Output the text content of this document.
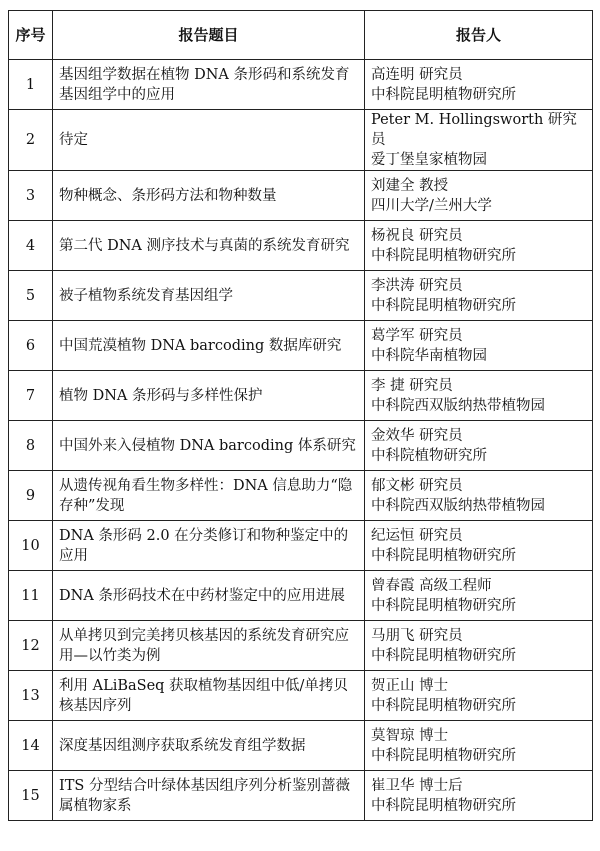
序号	报告题目	报告人
1	基因组学数据在植物 DNA 条形码和系统发育基因组学中的应用	高连明 研究员
中科院昆明植物研究所

2	待定	Peter M. Hollingsworth 研究员
爱丁堡皇家植物园

3	物种概念、条形码方法和物种数量	刘建全 教授
四川大学/兰州大学

4	第二代 DNA 测序技术与真菌的系统发育研究	杨祝良 研究员
中科院昆明植物研究所

5	被子植物系统发育基因组学	李洪涛 研究员
中科院昆明植物研究所

6	中国荒漠植物 DNA barcoding 数据库研究	葛学军 研究员
中科院华南植物园

7	植物 DNA 条形码与多样性保护	李 捷 研究员
中科院西双版纳热带植物园

8	中国外来入侵植物 DNA barcoding 体系研究	金效华 研究员
中科院植物研究所

9	从遗传视角看生物多样性：DNA 信息助力“隐存种”发现	郁文彬 研究员
中科院西双版纳热带植物园

10	DNA 条形码 2.0 在分类修订和物种鉴定中的应用	纪运恒 研究员
中科院昆明植物研究所

11	DNA 条形码技术在中药材鉴定中的应用进展	曾春霞 高级工程师
中科院昆明植物研究所

12	从单拷贝到完美拷贝核基因的系统发育研究应用—以竹类为例	马朋飞 研究员
中科院昆明植物研究所

13	利用 ALiBaSeq 获取植物基因组中低/单拷贝核基因序列	贺正山 博士
中科院昆明植物研究所

14	深度基因组测序获取系统发育组学数据	莫智琼 博士
中科院昆明植物研究所

15	ITS 分型结合叶绿体基因组序列分析鉴别蔷薇属植物家系	崔卫华 博士后
中科院昆明植物研究所
